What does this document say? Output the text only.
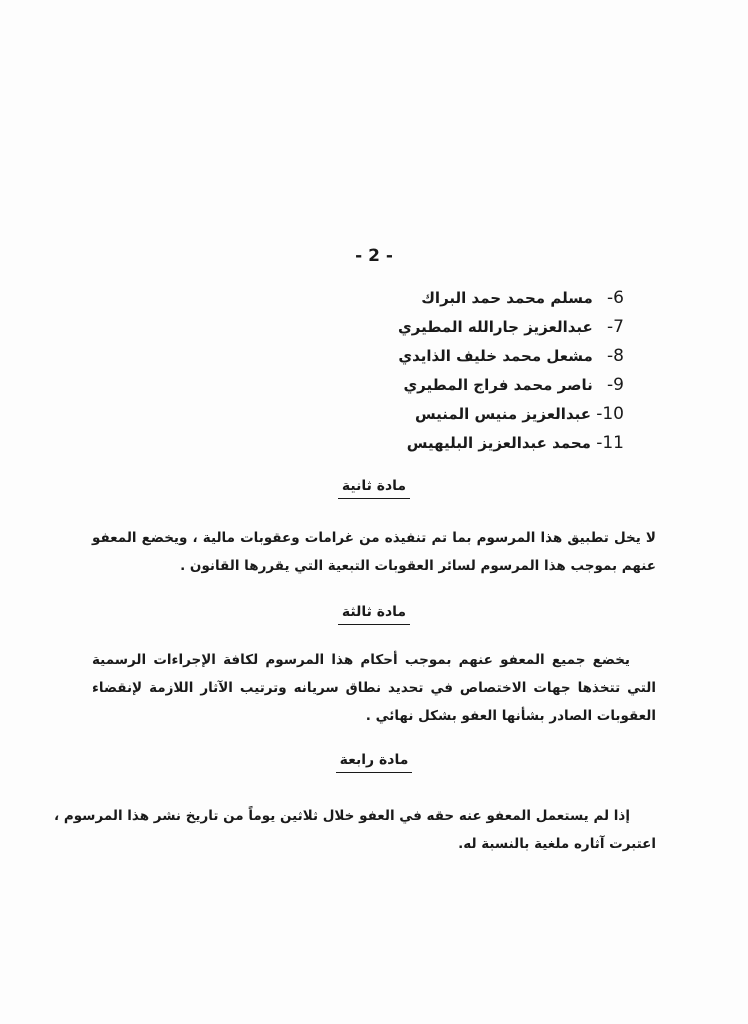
- 2 -
6- مسلم محمد حمد البراك
7- عبدالعزيز جارالله المطيري
8- مشعل محمد خليف الذايدي
9- ناصر محمد فراج المطيري
10- عبدالعزيز منيس المنيس
11- محمد عبدالعزيز البليهيس
مادة ثانية
لا يخل تطبيق هذا المرسوم بما تم تنفيذه من غرامات وعقوبات مالية ، ويخضع المعفو
عنهم بموجب هذا المرسوم لسائر العقوبات التبعية التي يقررها القانون .
مادة ثالثة
يخضع جميع المعفو عنهم بموجب أحكام هذا المرسوم لكافة الإجراءات الرسمية
التي تتخذها جهات الاختصاص في تحديد نطاق سريانه وترتيب الآثار اللازمة لإنقضاء
العقوبات الصادر بشأنها العفو بشكل نهائي .
مادة رابعة
إذا لم يستعمل المعفو عنه حقه في العفو خلال ثلاثين يوماً من تاريخ نشر هذا المرسوم ،
اعتبرت آثاره ملغية بالنسبة له.
